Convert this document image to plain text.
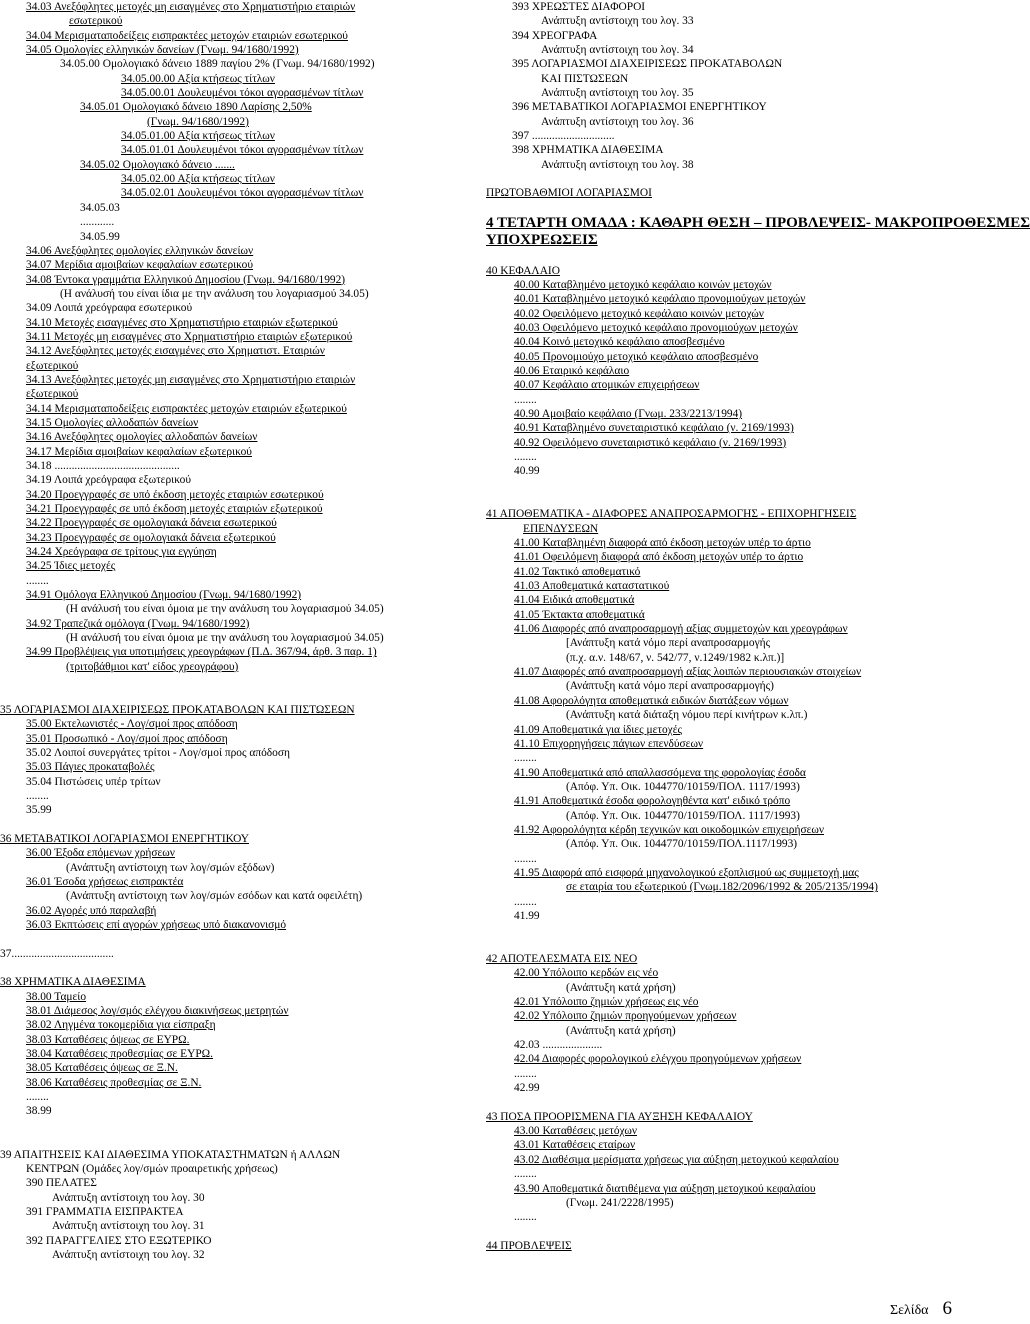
34.03 Ανεξόφλητες μετοχές μη εισαγμένες στο Χρηματιστήριο εταιριών
εσωτερικού
34.04 Μερισματαποδείξεις εισπρακτέες μετοχών εταιριών εσωτερικού
34.05 Ομολογίες ελληνικών δανείων (Γνωμ. 94/1680/1992)
34.05.00 Ομολογιακό δάνειο 1889 παγίου 2% (Γνωμ. 94/1680/1992)
34.05.00.00 Αξία κτήσεως τίτλων
34.05.00.01 Δουλευμένοι τόκοι αγορασμένων τίτλων
34.05.01 Ομολογιακό δάνειο 1890 Λαρίσης 2,50%
(Γνωμ. 94/1680/1992)
34.05.01.00 Αξία κτήσεως τίτλων
34.05.01.01 Δουλευμένοι τόκοι αγορασμένων τίτλων
34.05.02 Ομολογιακό δάνειο .......
34.05.02.00 Αξία κτήσεως τίτλων
34.05.02.01 Δουλευμένοι τόκοι αγορασμένων τίτλων
34.05.03
............
34.05.99
34.06 Ανεξόφλητες ομολογίες ελληνικών δανείων
34.07 Μερίδια αμοιβαίων κεφαλαίων εσωτερικού
34.08 Έντοκα γραμμάτια Ελληνικού Δημοσίου (Γνωμ. 94/1680/1992)
(Η ανάλυσή του είναι ίδια με την ανάλυση του λογαριασμού 34.05)
34.09 Λοιπά χρεόγραφα εσωτερικού
34.10 Μετοχές εισαγμένες στο Χρηματιστήριο εταιριών εξωτερικού
34.11 Μετοχές μη εισαγμένες στο Χρηματιστήριο εταιριών εξωτερικού
34.12 Ανεξόφλητες μετοχές εισαγμένες στο Χρηματιστ. Εταιριών
εξωτερικού
34.13 Ανεξόφλητες μετοχές μη εισαγμένες στο Χρηματιστήριο εταιριών
εξωτερικού
34.14 Μερισματαποδείξεις εισπρακτέες μετοχών εταιριών εξωτερικού
34.15 Ομολογίες αλλοδαπών δανείων
34.16 Ανεξόφλητες ομολογίες αλλοδαπών δανείων
34.17 Μερίδια αμοιβαίων κεφαλαίων εξωτερικού
34.18 ............................................
34.19 Λοιπά χρεόγραφα εξωτερικού
34.20 Προεγγραφές σε υπό έκδοση μετοχές εταιριών εσωτερικού
34.21 Προεγγραφές σε υπό έκδοση μετοχές εταιριών εξωτερικού
34.22 Προεγγραφές σε ομολογιακά δάνεια εσωτερικού
34.23 Προεγγραφές σε ομολογιακά δάνεια εξωτερικού
34.24 Χρεόγραφα σε τρίτους για εγγύηση
34.25 Ίδιες μετοχές
........
34.91 Ομόλογα Ελληνικού Δημοσίου (Γνωμ. 94/1680/1992)
(Η ανάλυσή του είναι όμοια με την ανάλυση του λογαριασμού 34.05)
34.92 Τραπεζικά ομόλογα (Γνωμ. 94/1680/1992)
(Η ανάλυσή του είναι όμοια με την ανάλυση του λογαριασμού 34.05)
34.99 Προβλέψεις για υποτιμήσεις χρεογράφων (Π.Δ. 367/94, άρθ. 3 παρ. 1)
(τριτοβάθμιοι κατ' είδος χρεογράφου)

35 ΛΟΓΑΡΙΑΣΜΟΙ ΔΙΑΧΕΙΡΙΣΕΩΣ ΠΡΟΚΑΤΑΒΟΛΩΝ ΚΑΙ ΠΙΣΤΩΣΕΩΝ
35.00 Εκτελωνιστές - Λογ/σμοί προς απόδοση
35.01 Προσωπικό - Λογ/σμοί προς απόδοση
35.02 Λοιποί συνεργάτες τρίτοι - Λογ/σμοί προς απόδοση
35.03 Πάγιες προκαταβολές
35.04 Πιστώσεις υπέρ τρίτων
........
35.99

36 ΜΕΤΑΒΑΤΙΚΟΙ ΛΟΓΑΡΙΑΣΜΟΙ ΕΝΕΡΓΗΤΙΚΟΥ
36.00 Έξοδα επόμενων χρήσεων
(Ανάπτυξη αντίστοιχη των λογ/σμών εξόδων)
36.01 Έσοδα χρήσεως εισπρακτέα
(Ανάπτυξη αντίστοιχη των λογ/σμών εσόδων και κατά οφειλέτη)
36.02 Αγορές υπό παραλαβή
36.03 Εκπτώσεις επί αγορών χρήσεως υπό διακανονισμό

37....................................

38 ΧΡΗΜΑΤΙΚΑ ΔΙΑΘΕΣΙΜΑ
38.00 Ταμείο
38.01 Διάμεσος λογ/σμός ελέγχου διακινήσεως μετρητών
38.02 Ληγμένα τοκομερίδια για είσπραξη
38.03 Καταθέσεις όψεως σε ΕΥΡΩ.
38.04 Καταθέσεις προθεσμίας σε ΕΥΡΩ.
38.05 Καταθέσεις όψεως σε Ξ.Ν.
38.06 Καταθέσεις προθεσμίας σε Ξ.Ν.
........
38.99

39 ΑΠΑΙΤΗΣΕΙΣ ΚΑΙ ΔΙΑΘΕΣΙΜΑ ΥΠΟΚΑΤΑΣΤΗΜΑΤΩΝ ή ΑΛΛΩΝ
ΚΕΝΤΡΩΝ (Ομάδες λογ/σμών προαιρετικής χρήσεως)
390 ΠΕΛΑΤΕΣ
Ανάπτυξη αντίστοιχη του λογ. 30
391 ΓΡΑΜΜΑΤΙΑ ΕΙΣΠΡΑΚΤΕΑ
Ανάπτυξη αντίστοιχη του λογ. 31
392 ΠΑΡΑΓΓΕΛΙΕΣ ΣΤΟ ΕΞΩΤΕΡΙΚΟ
Ανάπτυξη αντίστοιχη του λογ. 32
393 ΧΡΕΩΣΤΕΣ ΔΙΑΦΟΡΟΙ
Ανάπτυξη αντίστοιχη του λογ. 33
394 ΧΡΕΟΓΡΑΦΑ
Ανάπτυξη αντίστοιχη του λογ. 34
395 ΛΟΓΑΡΙΑΣΜΟΙ ΔΙΑΧΕΙΡΙΣΕΩΣ ΠΡΟΚΑΤΑΒΟΛΩΝ
ΚΑΙ ΠΙΣΤΩΣΕΩΝ
Ανάπτυξη αντίστοιχη του λογ. 35
396 ΜΕΤΑΒΑΤΙΚΟΙ ΛΟΓΑΡΙΑΣΜΟΙ ΕΝΕΡΓΗΤΙΚΟΥ
Ανάπτυξη αντίστοιχη του λογ. 36
397 .............................
398 ΧΡΗΜΑΤΙΚΑ ΔΙΑΘΕΣΙΜΑ
Ανάπτυξη αντίστοιχη του λογ. 38

ΠΡΩΤΟΒΑΘΜΙΟΙ ΛΟΓΑΡΙΑΣΜΟΙ

4 ΤΕΤΑΡΤΗ ΟΜΑΔΑ : ΚΑΘΑΡΗ ΘΕΣΗ – ΠΡΟΒΛΕΨΕΙΣ- ΜΑΚΡΟΠΡΟΘΕΣΜΕΣ
ΥΠΟΧΡΕΩΣΕΙΣ

40 ΚΕΦΑΛΑΙΟ
40.00 Καταβλημένο μετοχικό κεφάλαιο κοινών μετοχών
40.01 Καταβλημένο μετοχικό κεφάλαιο προνομιούχων μετοχών
40.02 Οφειλόμενο μετοχικό κεφάλαιο κοινών μετοχών
40.03 Οφειλόμενο μετοχικό κεφάλαιο προνομιούχων μετοχών
40.04 Κοινό μετοχικό κεφάλαιο αποσβεσμένο
40.05 Προνομιούχο μετοχικό κεφάλαιο αποσβεσμένο
40.06 Εταιρικό κεφάλαιο
40.07 Κεφάλαιο ατομικών επιχειρήσεων
........
40.90 Αμοιβαίο κεφάλαιο (Γνωμ. 233/2213/1994)
40.91 Καταβλημένο συνεταιριστικό κεφάλαιο (ν. 2169/1993)
40.92 Οφειλόμενο συνεταιριστικό κεφάλαιο (ν. 2169/1993)
........
40.99

41 ΑΠΟΘΕΜΑΤΙΚΑ - ΔΙΑΦΟΡΕΣ ΑΝΑΠΡΟΣΑΡΜΟΓΗΣ - ΕΠΙΧΟΡΗΓΗΣΕΙΣ
ΕΠΕΝΔΥΣΕΩΝ
41.00 Καταβλημένη διαφορά από έκδοση μετοχών υπέρ το άρτιο
41.01 Οφειλόμενη διαφορά από έκδοση μετοχών υπέρ το άρτιο
41.02 Τακτικό αποθεματικό
41.03 Αποθεματικά καταστατικού
41.04 Ειδικά αποθεματικά
41.05 Έκτακτα αποθεματικά
41.06 Διαφορές από αναπροσαρμογή αξίας συμμετοχών και χρεογράφων
[Ανάπτυξη κατά νόμο περί αναπροσαρμογής
(π.χ. α.ν. 148/67, ν. 542/77, ν.1249/1982 κ.λπ.)]
41.07 Διαφορές από αναπροσαρμογή αξίας λοιπών περιουσιακών στοιχείων
(Ανάπτυξη κατά νόμο περί αναπροσαρμογής)
41.08 Αφορολόγητα αποθεματικά ειδικών διατάξεων νόμων
(Ανάπτυξη κατά διάταξη νόμου περί κινήτρων κ.λπ.)
41.09 Αποθεματικά για ίδιες μετοχές
41.10 Επιχορηγήσεις πάγιων επενδύσεων
........
41.90 Αποθεματικά από απαλλασσόμενα της φορολογίας έσοδα
(Απόφ. Υπ. Οικ. 1044770/10159/ΠΟΛ. 1117/1993)
41.91 Αποθεματικά έσοδα φορολογηθέντα κατ' ειδικό τρόπο
(Απόφ. Υπ. Οικ. 1044770/10159/ΠΟΛ. 1117/1993)
41.92 Αφορολόγητα κέρδη τεχνικών και οικοδομικών επιχειρήσεων
(Απόφ. Υπ. Οικ. 1044770/10159/ΠΟΛ.1117/1993)
........
41.95 Διαφορά από εισφορά μηχανολογικού εξοπλισμού ως συμμετοχή μας
σε εταιρία του εξωτερικού (Γνωμ.182/2096/1992 & 205/2135/1994)
........
41.99

42 ΑΠΟΤΕΛΕΣΜΑΤΑ ΕΙΣ ΝΕΟ
42.00 Υπόλοιπο κερδών εις νέο
(Ανάπτυξη κατά χρήση)
42.01 Υπόλοιπο ζημιών χρήσεως εις νέο
42.02 Υπόλοιπο ζημιών προηγούμενων χρήσεων
(Ανάπτυξη κατά χρήση)
42.03 .....................
42.04 Διαφορές φορολογικού ελέγχου προηγούμενων χρήσεων
........
42.99

43 ΠΟΣΑ ΠΡΟΟΡΙΣΜΕΝΑ ΓΙΑ ΑΥΞΗΣΗ ΚΕΦΑΛΑΙΟΥ
43.00 Καταθέσεις μετόχων
43.01 Καταθέσεις εταίρων
43.02 Διαθέσιμα μερίσματα χρήσεως για αύξηση μετοχικού κεφαλαίου
........
43.90 Αποθεματικά διατιθέμενα για αύξηση μετοχικού κεφαλαίου
(Γνωμ. 241/2228/1995)
........

44 ΠΡΟΒΛΕΨΕΙΣ
Σελίδα 6
